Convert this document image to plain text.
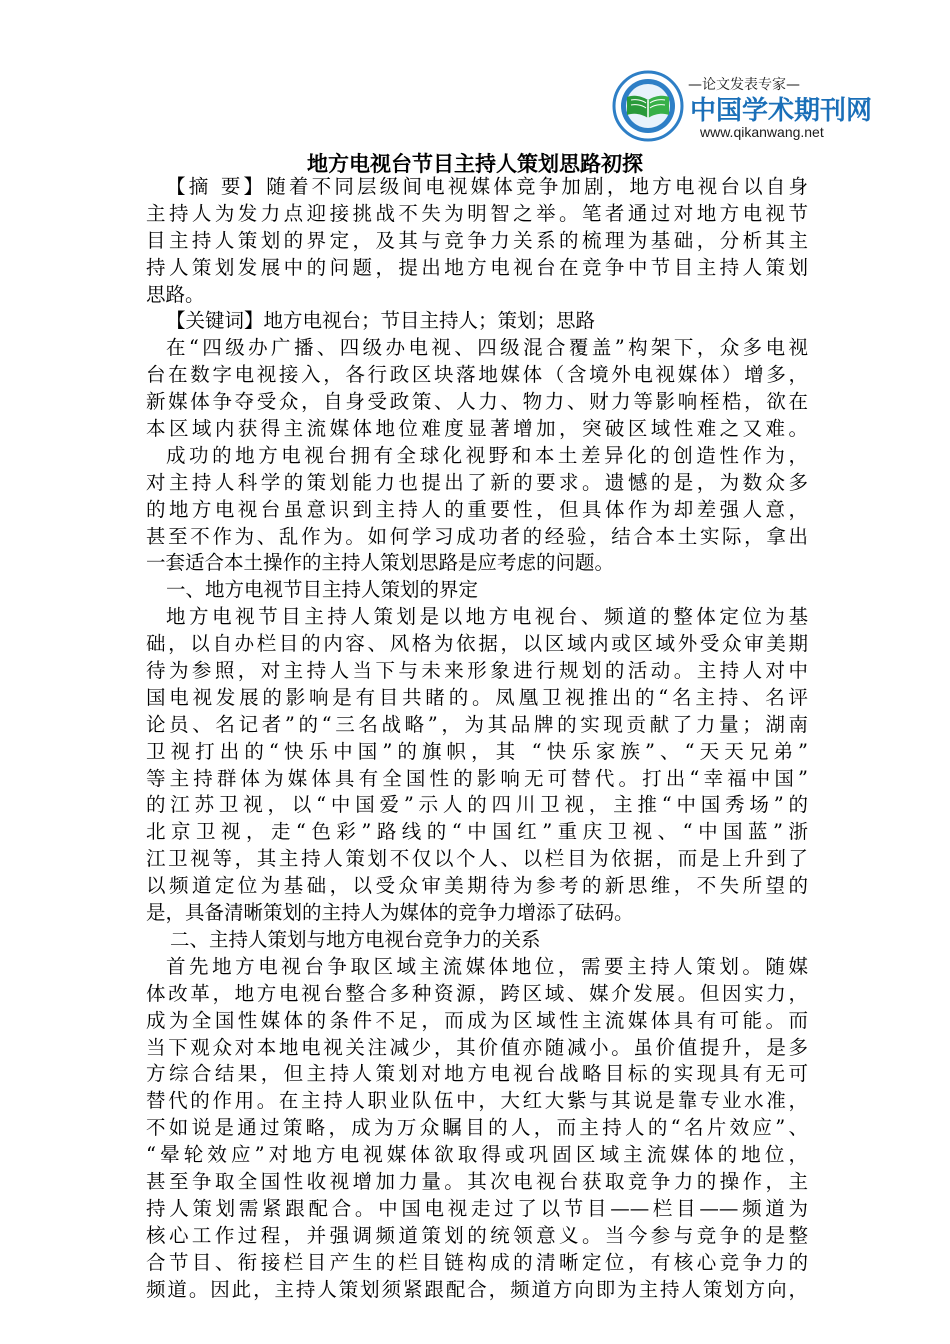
—论文发表专家—
中国学术期刊网
www.qikanwang.net
地方电视台节目主持人策划思路初探
【摘 要】随着不同层级间电视媒体竞争加剧，地方电视台以自身
主持人为发力点迎接挑战不失为明智之举。笔者通过对地方电视节
目主持人策划的界定，及其与竞争力关系的梳理为基础，分析其主
持人策划发展中的问题，提出地方电视台在竞争中节目主持人策划
思路。
【关键词】地方电视台；节目主持人；策划；思路
在“四级办广播、四级办电视、四级混合覆盖”构架下，众多电视
台在数字电视接入，各行政区块落地媒体（含境外电视媒体）增多，
新媒体争夺受众，自身受政策、人力、物力、财力等影响桎梏，欲在
本区域内获得主流媒体地位难度显著增加，突破区域性难之又难。
成功的地方电视台拥有全球化视野和本土差异化的创造性作为，
对主持人科学的策划能力也提出了新的要求。遗憾的是，为数众多
的地方电视台虽意识到主持人的重要性，但具体作为却差强人意，
甚至不作为、乱作为。如何学习成功者的经验，结合本土实际，拿出
一套适合本土操作的主持人策划思路是应考虑的问题。
一、地方电视节目主持人策划的界定
地方电视节目主持人策划是以地方电视台、频道的整体定位为基
础，以自办栏目的内容、风格为依据，以区域内或区域外受众审美期
待为参照，对主持人当下与未来形象进行规划的活动。主持人对中
国电视发展的影响是有目共睹的。凤凰卫视推出的“名主持、名评
论员、名记者”的“三名战略”，为其品牌的实现贡献了力量；湖南
卫视打出的“快乐中国”的旗帜，其 “快乐家族”、“天天兄弟”
等主持群体为媒体具有全国性的影响无可替代。打出“幸福中国”
的江苏卫视，以“中国爱”示人的四川卫视，主推“中国秀场”的
北京卫视，走“色彩”路线的“中国红”重庆卫视、“中国蓝”浙
江卫视等，其主持人策划不仅以个人、以栏目为依据，而是上升到了
以频道定位为基础，以受众审美期待为参考的新思维，不失所望的
是，具备清晰策划的主持人为媒体的竞争力增添了砝码。
二、主持人策划与地方电视台竞争力的关系
首先地方电视台争取区域主流媒体地位，需要主持人策划。随媒
体改革，地方电视台整合多种资源，跨区域、媒介发展。但因实力，
成为全国性媒体的条件不足，而成为区域性主流媒体具有可能。而
当下观众对本地电视关注减少，其价值亦随减小。虽价值提升，是多
方综合结果，但主持人策划对地方电视台战略目标的实现具有无可
替代的作用。在主持人职业队伍中，大红大紫与其说是靠专业水准，
不如说是通过策略，成为万众瞩目的人，而主持人的“名片效应”、
“晕轮效应”对地方电视媒体欲取得或巩固区域主流媒体的地位，
甚至争取全国性收视增加力量。其次电视台获取竞争力的操作，主
持人策划需紧跟配合。中国电视走过了以节目——栏目——频道为
核心工作过程，并强调频道策划的统领意义。当今参与竞争的是整
合节目、衔接栏目产生的栏目链构成的清晰定位，有核心竞争力的
频道。因此，主持人策划须紧跟配合，频道方向即为主持人策划方向，
